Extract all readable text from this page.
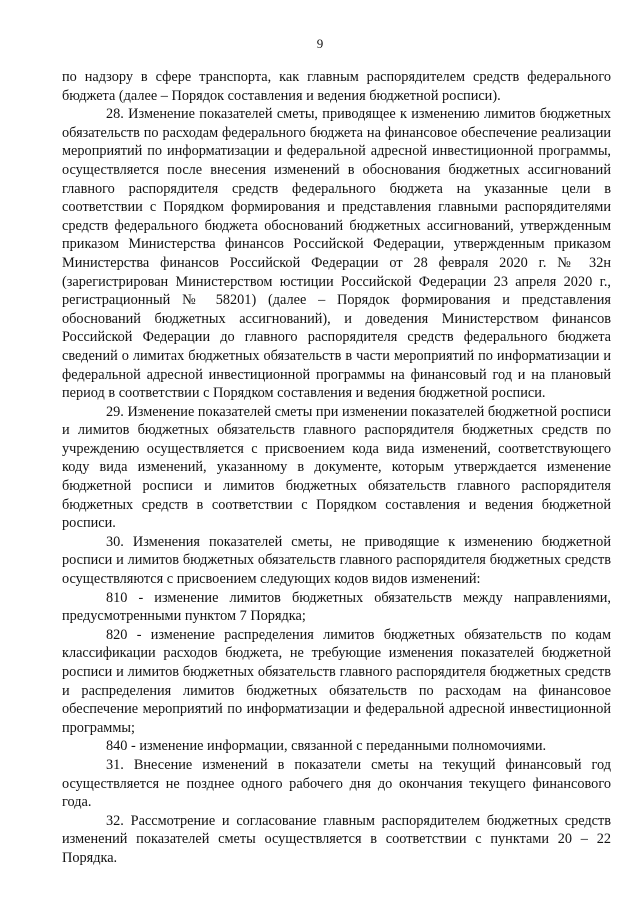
9

по надзору в сфере транспорта, как главным распорядителем средств федерального бюджета (далее – Порядок составления и ведения бюджетной росписи).

28. Изменение показателей сметы, приводящее к изменению лимитов бюджетных обязательств по расходам федерального бюджета на финансовое обеспечение реализации мероприятий по информатизации и федеральной адресной инвестиционной программы, осуществляется после внесения изменений в обоснования бюджетных ассигнований главного распорядителя средств федерального бюджета на указанные цели в соответствии с Порядком формирования и представления главными распорядителями средств федерального бюджета обоснований бюджетных ассигнований, утвержденным приказом Министерства финансов Российской Федерации, утвержденным приказом Министерства финансов Российской Федерации от 28 февраля 2020 г. № 32н (зарегистрирован Министерством юстиции Российской Федерации 23 апреля 2020 г., регистрационный № 58201) (далее – Порядок формирования и представления обоснований бюджетных ассигнований), и доведения Министерством финансов Российской Федерации до главного распорядителя средств федерального бюджета сведений о лимитах бюджетных обязательств в части мероприятий по информатизации и федеральной адресной инвестиционной программы на финансовый год и на плановый период в соответствии с Порядком составления и ведения бюджетной росписи.

29. Изменение показателей сметы при изменении показателей бюджетной росписи и лимитов бюджетных обязательств главного распорядителя бюджетных средств по учреждению осуществляется с присвоением кода вида изменений, соответствующего коду вида изменений, указанному в документе, которым утверждается изменение бюджетной росписи и лимитов бюджетных обязательств главного распорядителя бюджетных средств в соответствии с Порядком составления и ведения бюджетной росписи.

30. Изменения показателей сметы, не приводящие к изменению бюджетной росписи и лимитов бюджетных обязательств главного распорядителя бюджетных средств осуществляются с присвоением следующих кодов видов изменений:

810 - изменение лимитов бюджетных обязательств между направлениями, предусмотренными пунктом 7 Порядка;

820 - изменение распределения лимитов бюджетных обязательств по кодам классификации расходов бюджета, не требующие изменения показателей бюджетной росписи и лимитов бюджетных обязательств главного распорядителя бюджетных средств и распределения лимитов бюджетных обязательств по расходам на финансовое обеспечение мероприятий по информатизации и федеральной адресной инвестиционной программы;

840 - изменение информации, связанной с переданными полномочиями.

31. Внесение изменений в показатели сметы на текущий финансовый год осуществляется не позднее одного рабочего дня до окончания текущего финансового года.

32. Рассмотрение и согласование главным распорядителем бюджетных средств изменений показателей сметы осуществляется в соответствии с пунктами 20 – 22 Порядка.
